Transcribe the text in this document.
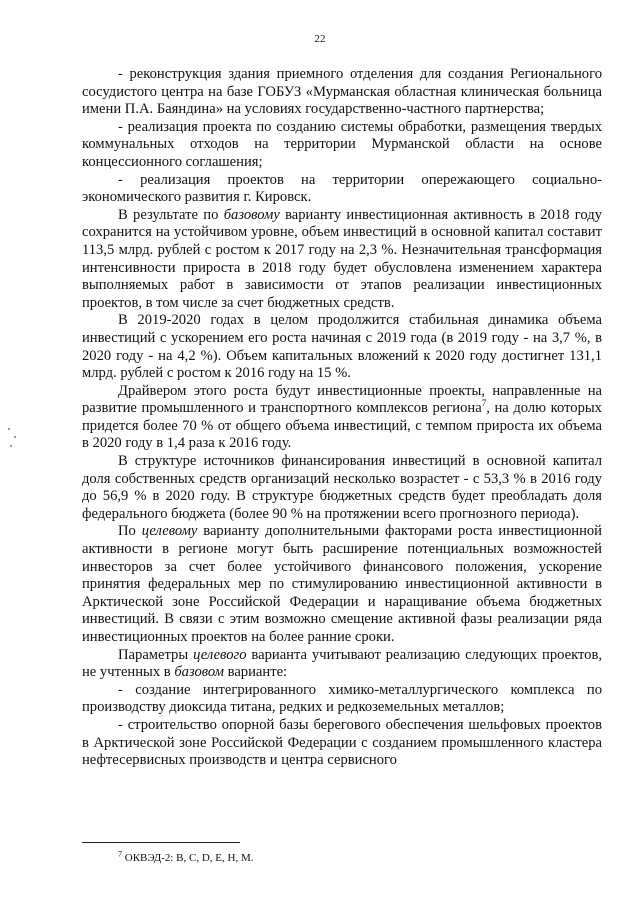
22

- реконструкция здания приемного отделения для создания Регионального сосудистого центра на базе ГОБУЗ «Мурманская областная клиническая больница имени П.А. Баяндина» на условиях государственно-частного партнерства;

- реализация проекта по созданию системы обработки, размещения твердых коммунальных отходов на территории Мурманской области на основе концессионного соглашения;

- реализация проектов на территории опережающего социально-экономического развития г. Кировск.

В результате по базовому варианту инвестиционная активность в 2018 году сохранится на устойчивом уровне, объем инвестиций в основной капитал составит 113,5 млрд. рублей с ростом к 2017 году на 2,3 %. Незначительная трансформация интенсивности прироста в 2018 году будет обусловлена изменением характера выполняемых работ в зависимости от этапов реализации инвестиционных проектов, в том числе за счет бюджетных средств.

В 2019-2020 годах в целом продолжится стабильная динамика объема инвестиций с ускорением его роста начиная с 2019 года (в 2019 году - на 3,7 %, в 2020 году - на 4,2 %). Объем капитальных вложений к 2020 году достигнет 131,1 млрд. рублей с ростом к 2016 году на 15 %.

Драйвером этого роста будут инвестиционные проекты, направленные на развитие промышленного и транспортного комплексов региона$^7$, на долю которых придется более 70 % от общего объема инвестиций, с темпом прироста их объема в 2020 году в 1,4 раза к 2016 году.

В структуре источников финансирования инвестиций в основной капитал доля собственных средств организаций несколько возрастет - с 53,3 % в 2016 году до 56,9 % в 2020 году. В структуре бюджетных средств будет преобладать доля федерального бюджета (более 90 % на протяжении всего прогнозного периода).

По целевому варианту дополнительными факторами роста инвестиционной активности в регионе могут быть расширение потенциальных возможностей инвесторов за счет более устойчивого финансового положения, ускорение принятия федеральных мер по стимулированию инвестиционной активности в Арктической зоне Российской Федерации и наращивание объема бюджетных инвестиций. В связи с этим возможно смещение активной фазы реализации ряда инвестиционных проектов на более ранние сроки.

Параметры целевого варианта учитывают реализацию следующих проектов, не учтенных в базовом варианте:

- создание интегрированного химико-металлургического комплекса по производству диоксида титана, редких и редкоземельных металлов;

- строительство опорной базы берегового обеспечения шельфовых проектов в Арктической зоне Российской Федерации с созданием промышленного кластера нефтесервисных производств и центра сервисного

$^7$ ОКВЭД-2: B, C, D, E, H, M.
